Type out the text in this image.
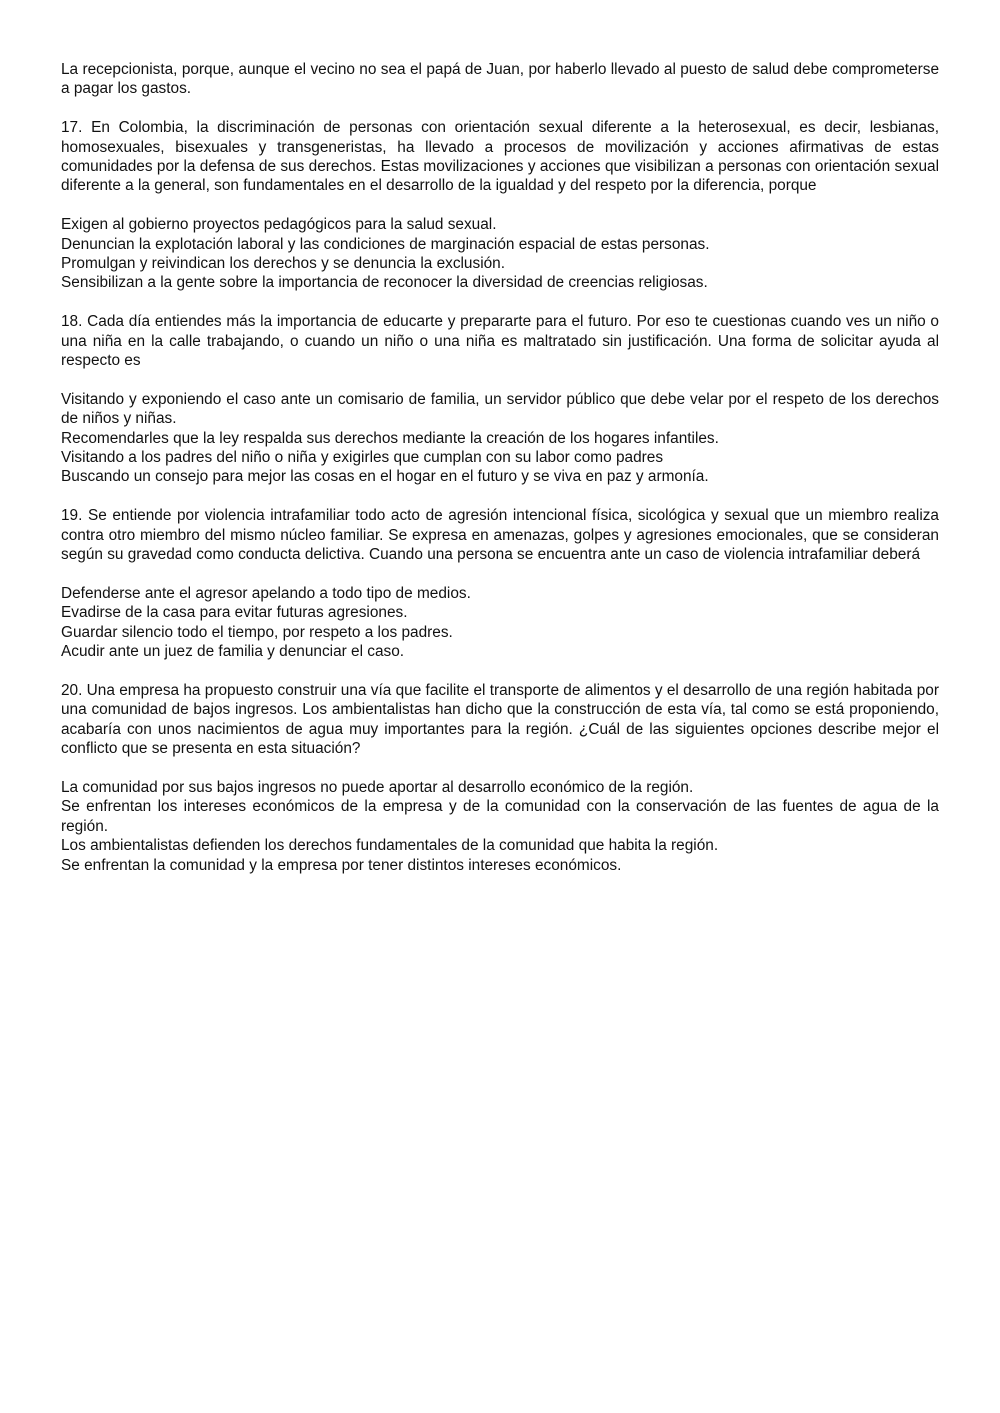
La recepcionista, porque, aunque el vecino no sea el papá de Juan, por haberlo llevado al puesto de salud debe comprometerse a pagar los gastos.

17. En Colombia, la discriminación de personas con orientación sexual diferente a la heterosexual, es decir, lesbianas, homosexuales, bisexuales y transgeneristas, ha llevado a procesos de movilización y acciones afirmativas de estas comunidades por la defensa de sus derechos. Estas movilizaciones y acciones que visibilizan a personas con orientación sexual diferente a la general, son fundamentales en el desarrollo de la igualdad y del respeto por la diferencia, porque

Exigen al gobierno proyectos pedagógicos para la salud sexual.
Denuncian la explotación laboral y las condiciones de marginación espacial de estas personas.
Promulgan y reivindican los derechos y se denuncia la exclusión.
Sensibilizan a la gente sobre la importancia de reconocer la diversidad de creencias religiosas.

18. Cada día entiendes más la importancia de educarte y prepararte para el futuro. Por eso te cuestionas cuando ves un niño o una niña en la calle trabajando, o cuando un niño o una niña es maltratado sin justificación. Una forma de solicitar ayuda al respecto es

Visitando y exponiendo el caso ante un comisario de familia, un servidor público que debe velar por el respeto de los derechos de niños y niñas.
Recomendarles que la ley respalda sus derechos mediante la creación de los hogares infantiles.
Visitando a los padres del niño o niña y exigirles que cumplan con su labor como padres
Buscando un consejo para mejor las cosas en el hogar en el futuro y se viva en paz y armonía.

19. Se entiende por violencia intrafamiliar todo acto de agresión intencional física, sicológica y sexual que un miembro realiza contra otro miembro del mismo núcleo familiar. Se expresa en amenazas, golpes y agresiones emocionales, que se consideran según su gravedad como conducta delictiva. Cuando una persona se encuentra ante un caso de violencia intrafamiliar deberá

Defenderse ante el agresor apelando a todo tipo de medios.
Evadirse de la casa para evitar futuras agresiones.
Guardar silencio todo el tiempo, por respeto a los padres.
Acudir ante un juez de familia y denunciar el caso.

20. Una empresa ha propuesto construir una vía que facilite el transporte de alimentos y el desarrollo de una región habitada por una comunidad de bajos ingresos. Los ambientalistas han dicho que la construcción de esta vía, tal como se está proponiendo, acabaría con unos nacimientos de agua muy importantes para la región. ¿Cuál de las siguientes opciones describe mejor el conflicto que se presenta en esta situación?

La comunidad por sus bajos ingresos no puede aportar al desarrollo económico de la región.
Se enfrentan los intereses económicos de la empresa y de la comunidad con la conservación de las fuentes de agua de la región.
Los ambientalistas defienden los derechos fundamentales de la comunidad que habita la región.
Se enfrentan la comunidad y la empresa por tener distintos intereses económicos.
